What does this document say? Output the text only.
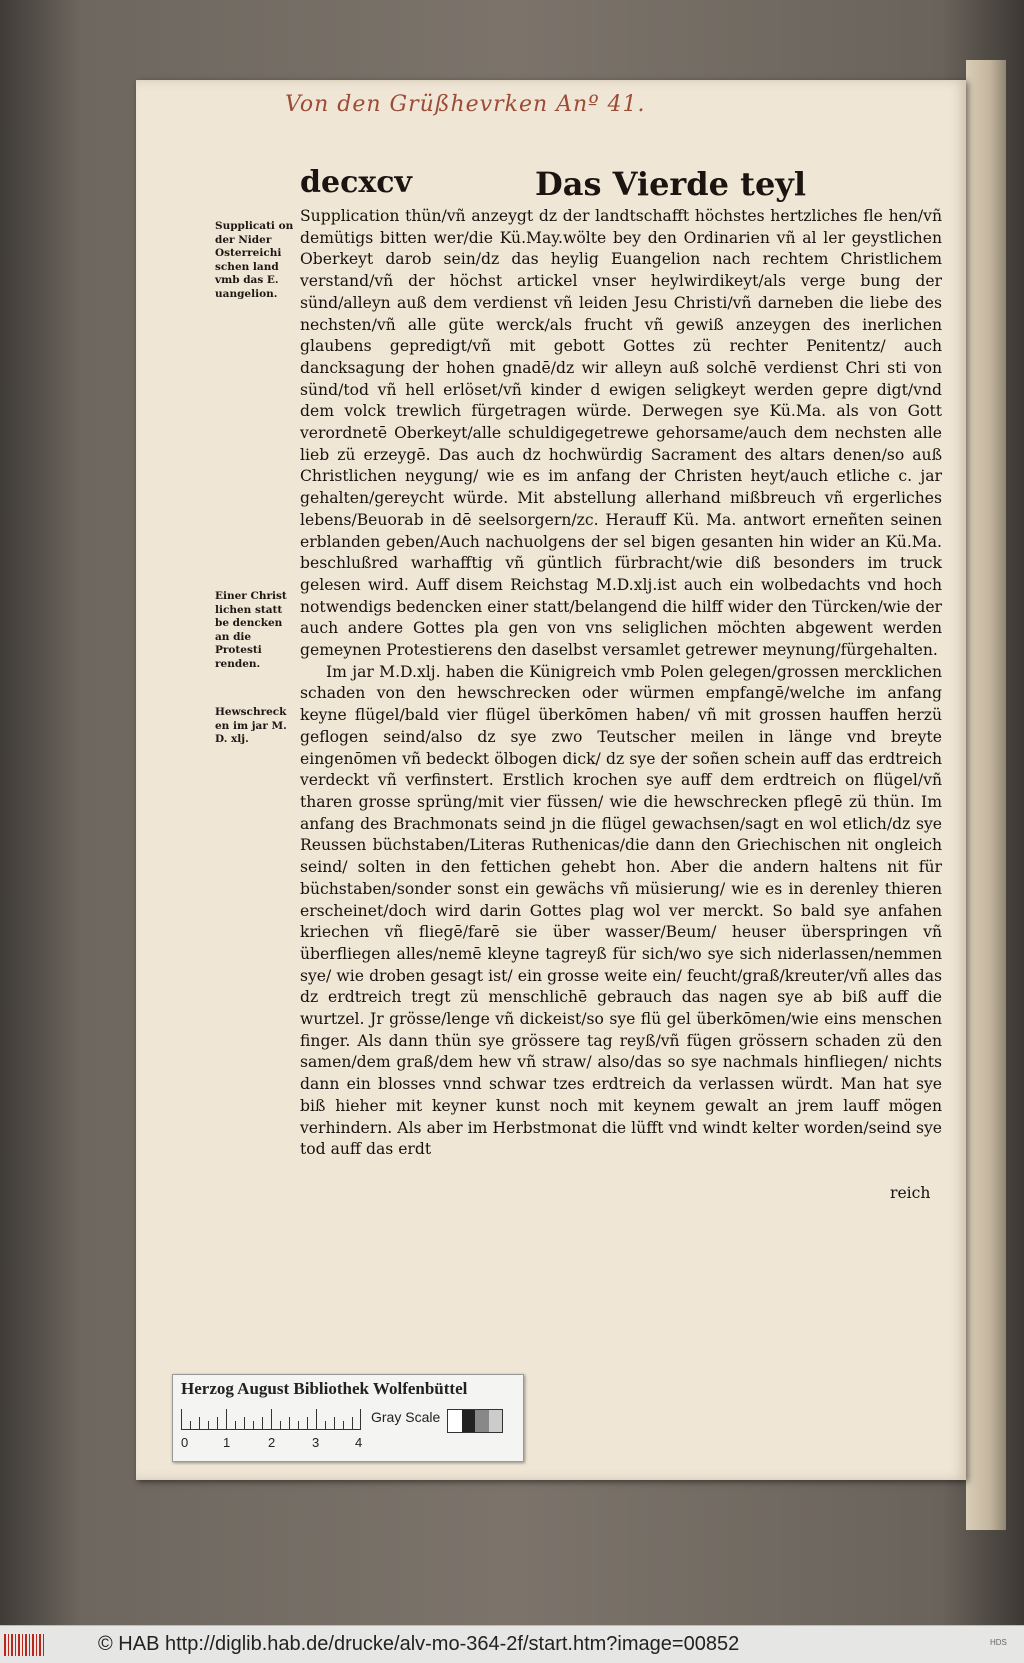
Von den Grüßhevrken Anº 41.
decxcv	Das Vierde teyl
Supplicati on der Nider Osterreichi schen land vmb das E. uangelion.
Einer Christ lichen statt be dencken an die Protesti renden.
Hewschreck en im jar M. D. xlj.

Supplication thün/vñ anzeygt dz der landtschafft höchstes hertzliches fle hen/vñ demütigs bitten wer/die Kü.May.wölte bey den Ordinarien vñ al ler geystlichen Oberkeyt darob sein/dz das heylig Euangelion nach rechtem Christlichem verstand/vñ der höchst artickel vnser heylwirdikeyt/als verge bung der sünd/alleyn auß dem verdienst vñ leiden Jesu Christi/vñ darneben die liebe des nechsten/vñ alle güte werck/als frucht vñ gewiß anzeygen des inerlichen glaubens gepredigt/vñ mit gebott Gottes zü rechter Penitentz/ auch dancksagung der hohen gnadē/dz wir alleyn auß solchē verdienst Chri sti von sünd/tod vñ hell erlöset/vñ kinder d ewigen seligkeyt werden gepre digt/vnd dem volck trewlich fürgetragen würde. Derwegen sye Kü.Ma. als von Gott verordnetē Oberkeyt/alle schuldigegetrewe gehorsame/auch dem nechsten alle lieb zü erzeygē. Das auch dz hochwürdig Sacrament des altars denen/so auß Christlichen neygung/ wie es im anfang der Christen heyt/auch etliche c. jar gehalten/gereycht würde. Mit abstellung allerhand mißbreuch vñ ergerliches lebens/Beuorab in dē seelsorgern/zc. Herauff Kü. Ma. antwort erneñten seinen erblanden geben/Auch nachuolgens der sel bigen gesanten hin wider an Kü.Ma. beschlußred warhafftig vñ güntlich fürbracht/wie diß besonders im truck gelesen wird. Auff disem Reichstag M.D.xlj.ist auch ein wolbedachts vnd hoch notwendigs bedencken einer statt/belangend die hilff wider den Türcken/wie der auch andere Gottes pla gen von vns seliglichen möchten abgewent werden gemeynen Protestierens den daselbst versamlet getrewer meynung/fürgehalten.

Im jar M.D.xlj. haben die Künigreich vmb Polen gelegen/grossen mercklichen schaden von den hewschrecken oder würmen empfangē/welche im anfang keyne flügel/bald vier flügel überkōmen haben/ vñ mit grossen hauffen herzü geflogen seind/also dz sye zwo Teutscher meilen in länge vnd breyte eingenōmen vñ bedeckt ölbogen dick/ dz sye der soñen schein auff das erdtreich verdeckt vñ verfinstert. Erstlich krochen sye auff dem erdtreich on flügel/vñ tharen grosse sprüng/mit vier füssen/ wie die hewschrecken pflegē zü thün. Im anfang des Brachmonats seind jn die flügel gewachsen/sagt en wol etlich/dz sye Reussen büchstaben/Literas Ruthenicas/die dann den Griechischen nit ongleich seind/ solten in den fettichen gehebt hon. Aber die andern haltens nit für büchstaben/sonder sonst ein gewächs vñ müsierung/ wie es in derenley thieren erscheinet/doch wird darin Gottes plag wol ver merckt. So bald sye anfahen kriechen vñ fliegē/farē sie über wasser/Beum/ heuser überspringen vñ überfliegen alles/nemē kleyne tagreyß für sich/wo sye sich niderlassen/nemmen sye/ wie droben gesagt ist/ ein grosse weite ein/ feucht/graß/kreuter/vñ alles das dz erdtreich tregt zü menschlichē gebrauch das nagen sye ab biß auff die wurtzel. Jr grösse/lenge vñ dickeist/so sye flü gel überkōmen/wie eins menschen finger. Als dann thün sye grössere tag reyß/vñ fügen grössern schaden zü den samen/dem graß/dem hew vñ straw/ also/das so sye nachmals hinfliegen/ nichts dann ein blosses vnnd schwar tzes erdtreich da verlassen würdt. Man hat sye biß hieher mit keyner kunst noch mit keynem gewalt an jrem lauff mögen verhindern. Als aber im Herbstmonat die lüfft vnd windt kelter worden/seind sye tod auff das erdt

reich
Herzog August Bibliothek Wolfenbüttel
0	1	2	3	4
Gray Scale
© HAB http://diglib.hab.de/drucke/alv-mo-364-2f/start.htm?image=00852	HDS
